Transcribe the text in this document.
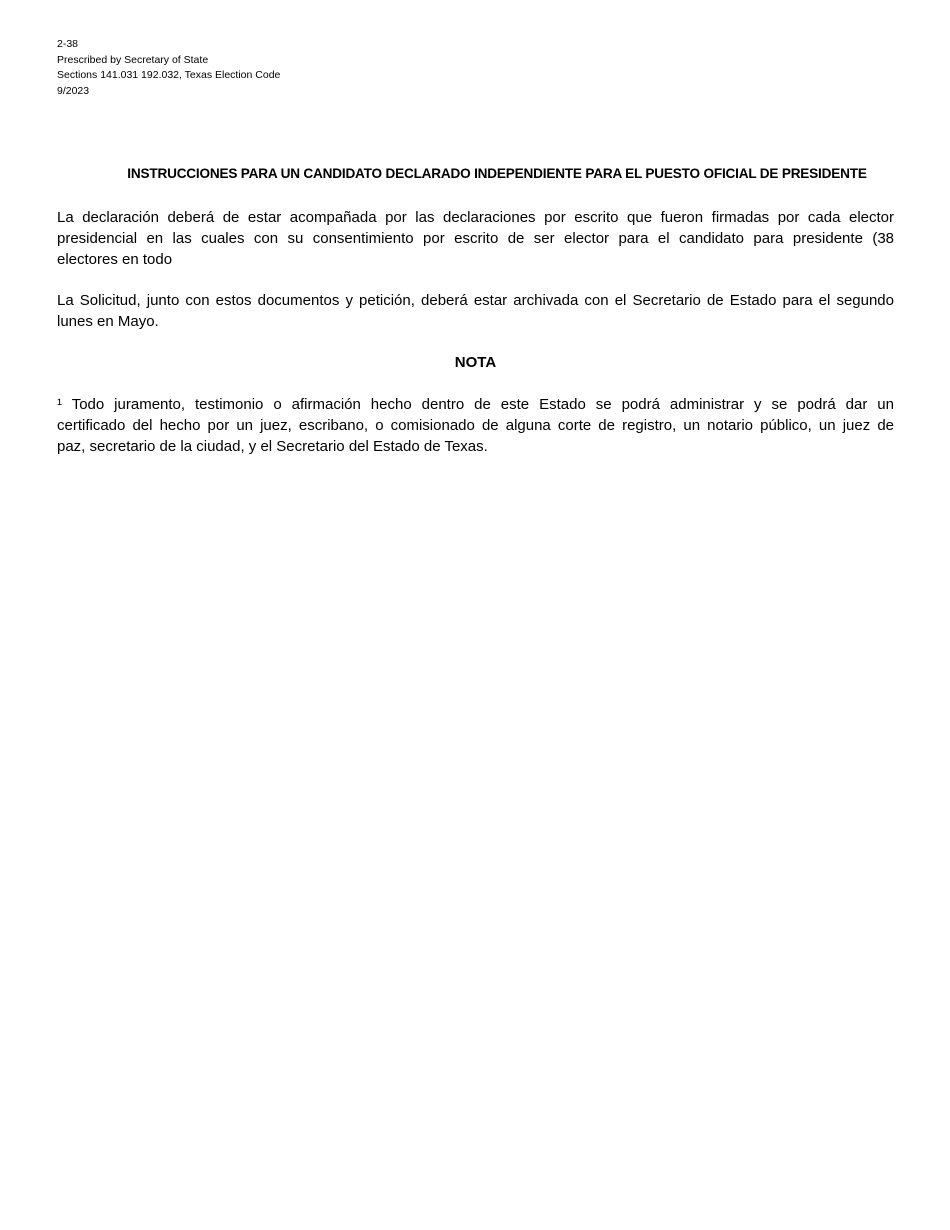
2-38
Prescribed by Secretary of State
Sections 141.031 192.032, Texas Election Code
9/2023
INSTRUCCIONES PARA UN CANDIDATO DECLARADO INDEPENDIENTE PARA EL PUESTO OFICIAL DE PRESIDENTE
La declaración deberá de estar acompañada por las declaraciones por escrito que fueron firmadas por cada elector
presidencial en las cuales con su consentimiento por escrito de ser elector para el candidato para presidente (38
electores en todo
La Solicitud, junto con estos documentos y petición, deberá estar archivada con el Secretario de Estado para el segundo
lunes en Mayo.
NOTA
¹ Todo juramento, testimonio o afirmación hecho dentro de este Estado se podrá administrar y se podrá dar un
certificado del hecho por un juez, escribano, o comisionado de alguna corte de registro, un notario público, un juez de
paz, secretario de la ciudad, y el Secretario del Estado de Texas.
